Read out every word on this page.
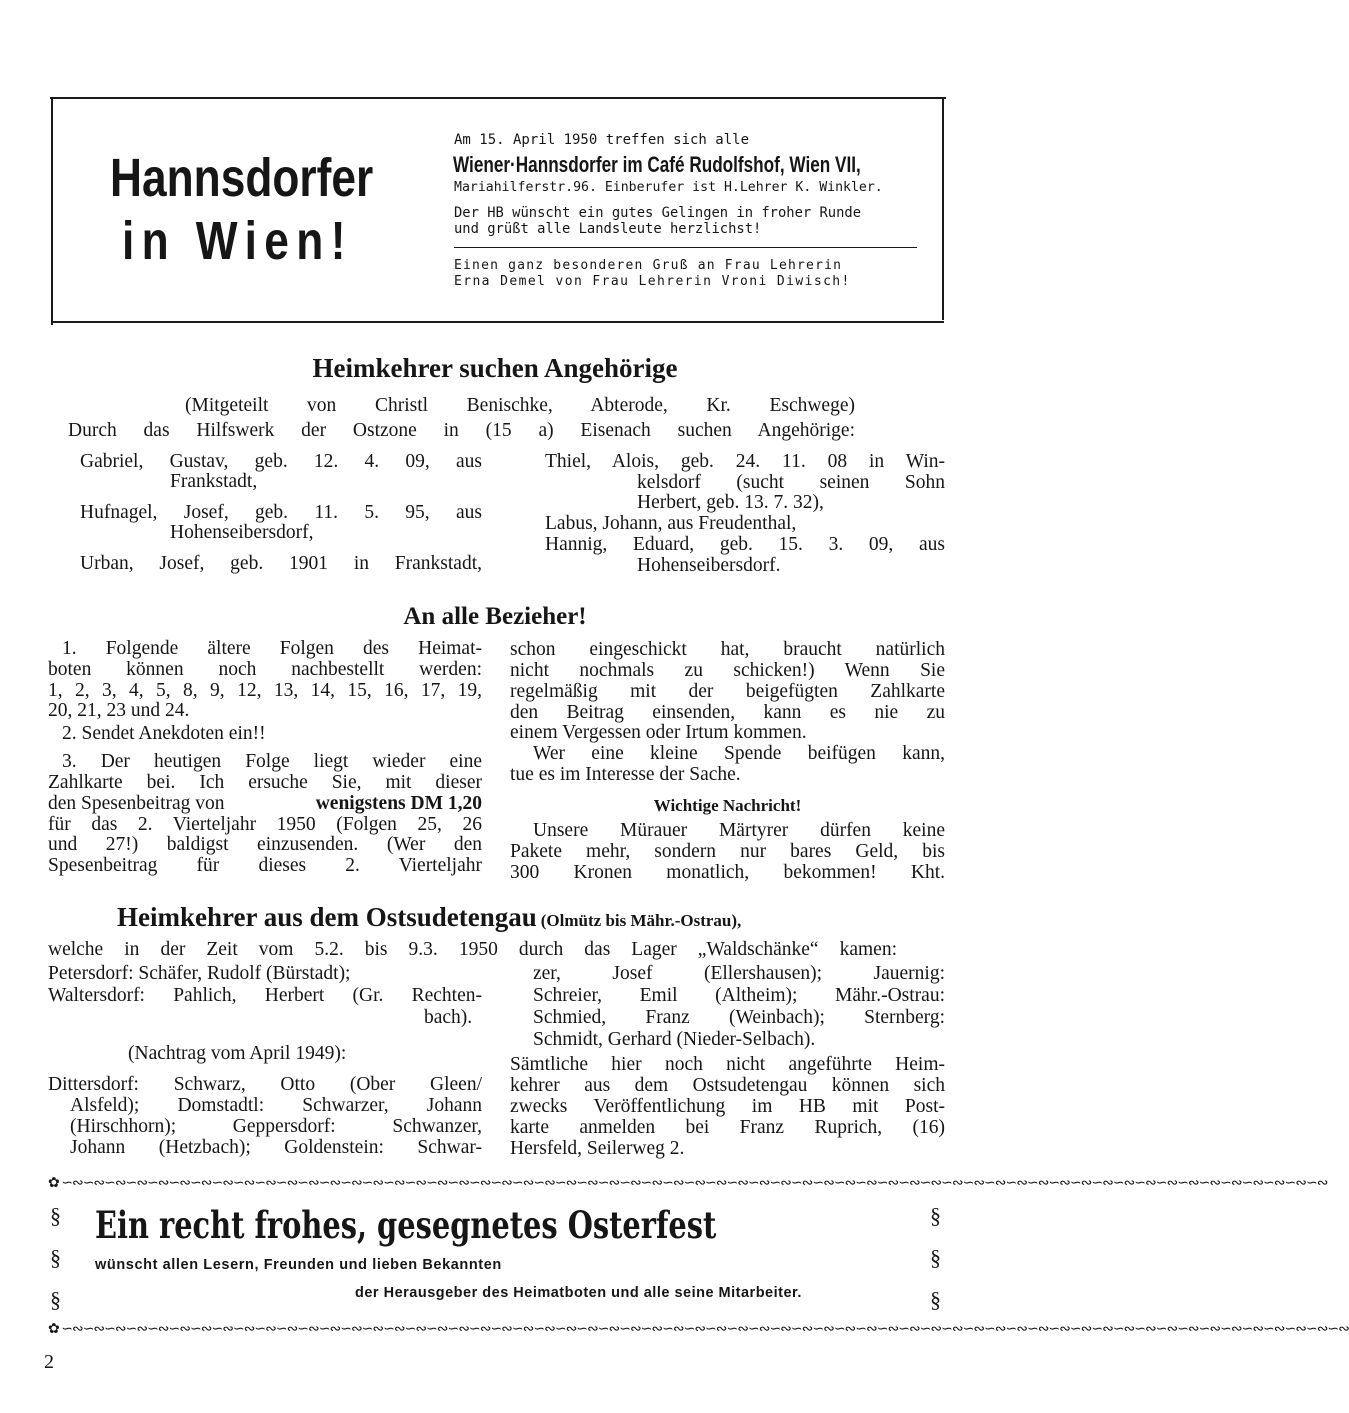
Hannsdorfer
in Wien!
Am 15. April 1950 treffen sich alle
Wiener·Hannsdorfer im Café Rudolfshof, Wien VII,
Mariahilferstr.96. Einberufer ist H.Lehrer K. Winkler.
Der HB wünscht ein gutes Gelingen in froher Runde
und grüßt alle Landsleute herzlichst!
Einen ganz besonderen Gruß an Frau Lehrerin
Erna Demel von Frau Lehrerin Vroni Diwisch!
Heimkehrer suchen Angehörige
(Mitgeteilt von Christl Benischke, Abterode, Kr. Eschwege)
Durch das Hilfswerk der Ostzone in (15 a) Eisenach suchen Angehörige:
Gabriel, Gustav, geb. 12. 4. 09, aus
Frankstadt,
Hufnagel, Josef, geb. 11. 5. 95, aus
Hohenseibersdorf,
Urban, Josef, geb. 1901 in Frankstadt,
Thiel, Alois, geb. 24. 11. 08 in Win-
kelsdorf (sucht seinen Sohn
Herbert, geb. 13. 7. 32),
Labus, Johann, aus Freudenthal,
Hannig, Eduard, geb. 15. 3. 09, aus
Hohenseibersdorf.
An alle Bezieher!
1. Folgende ältere Folgen des Heimat-
boten können noch nachbestellt werden:
1, 2, 3, 4, 5, 8, 9, 12, 13, 14, 15, 16, 17, 19,
20, 21, 23 und 24.
2. Sendet Anekdoten ein!!
3. Der heutigen Folge liegt wieder eine
Zahlkarte bei. Ich ersuche Sie, mit dieser
den Spesenbeitrag von	wenigstens DM 1,20
für das 2. Vierteljahr 1950 (Folgen 25, 26
und 27!) baldigst einzusenden. (Wer den
Spesenbeitrag für dieses 2. Vierteljahr
schon eingeschickt hat, braucht natürlich
nicht nochmals zu schicken!) Wenn Sie
regelmäßig mit der beigefügten Zahlkarte
den Beitrag einsenden, kann es nie zu
einem Vergessen oder Irtum kommen.
Wer eine kleine Spende beifügen kann,
tue es im Interesse der Sache.
Wichtige Nachricht!
Unsere Mürauer Märtyrer dürfen keine
Pakete mehr, sondern nur bares Geld, bis
300 Kronen monatlich, bekommen! Kht.
Heimkehrer aus dem Ostsudetengau (Olmütz bis Mähr.-Ostrau),
welche in der Zeit vom 5.2. bis 9.3. 1950 durch das Lager „Waldschänke“ kamen:
Petersdorf: Schäfer, Rudolf (Bürstadt);
Waltersdorf: Pahlich, Herbert (Gr. Rechten-
bach).
(Nachtrag vom April 1949):
Dittersdorf: Schwarz, Otto (Ober Gleen/
Alsfeld); Domstadtl: Schwarzer, Johann
(Hirschhorn); Geppersdorf: Schwanzer,
Johann (Hetzbach); Goldenstein: Schwar-
zer, Josef (Ellershausen); Jauernig:
Schreier, Emil (Altheim); Mähr.-Ostrau:
Schmied, Franz (Weinbach); Sternberg:
Schmidt, Gerhard (Nieder-Selbach).
Sämtliche hier noch nicht angeführte Heim-
kehrer aus dem Ostsudetengau können sich
zwecks Veröffentlichung im HB mit Post-
karte anmelden bei Franz Ruprich, (16)
Hersfeld, Seilerweg 2.
✿ ∽∾∽∾∽∾∽∾∽∾∽∾∽∾∽∾∽∾∽∾∽∾∽∾∽∾∽∾∽∾∽∾∽∾∽∾∽∾∽∾∽∾∽∾∽∾∽∾∽∾∽∾∽∾∽∾∽∾∽∾∽∾∽∾∽∾∽∾∽∾∽∾∽∾∽∾∽∾∽∾∽∾∽∾∽∾∽∾∽∾∽∾∽∾∽∾∽∾∽∾∽∾∽∾∽∾∽∾∽∾∽∾∽∾∽∾∽∾
✿ ∽∾∽∾∽∾∽∾∽∾∽∾∽∾∽∾∽∾∽∾∽∾∽∾∽∾∽∾∽∾∽∾∽∾∽∾∽∾∽∾∽∾∽∾∽∾∽∾∽∾∽∾∽∾∽∾∽∾∽∾∽∾∽∾∽∾∽∾∽∾∽∾∽∾∽∾∽∾∽∾∽∾∽∾∽∾∽∾∽∾∽∾∽∾∽∾∽∾∽∾∽∾∽∾∽∾∽∾∽∾∽∾∽∾∽∾∽∾∽∾
§
§
§
§
§
§
Ein recht frohes, gesegnetes Osterfest
wünscht allen Lesern, Freunden und lieben Bekannten
der Herausgeber des Heimatboten und alle seine Mitarbeiter.
2
